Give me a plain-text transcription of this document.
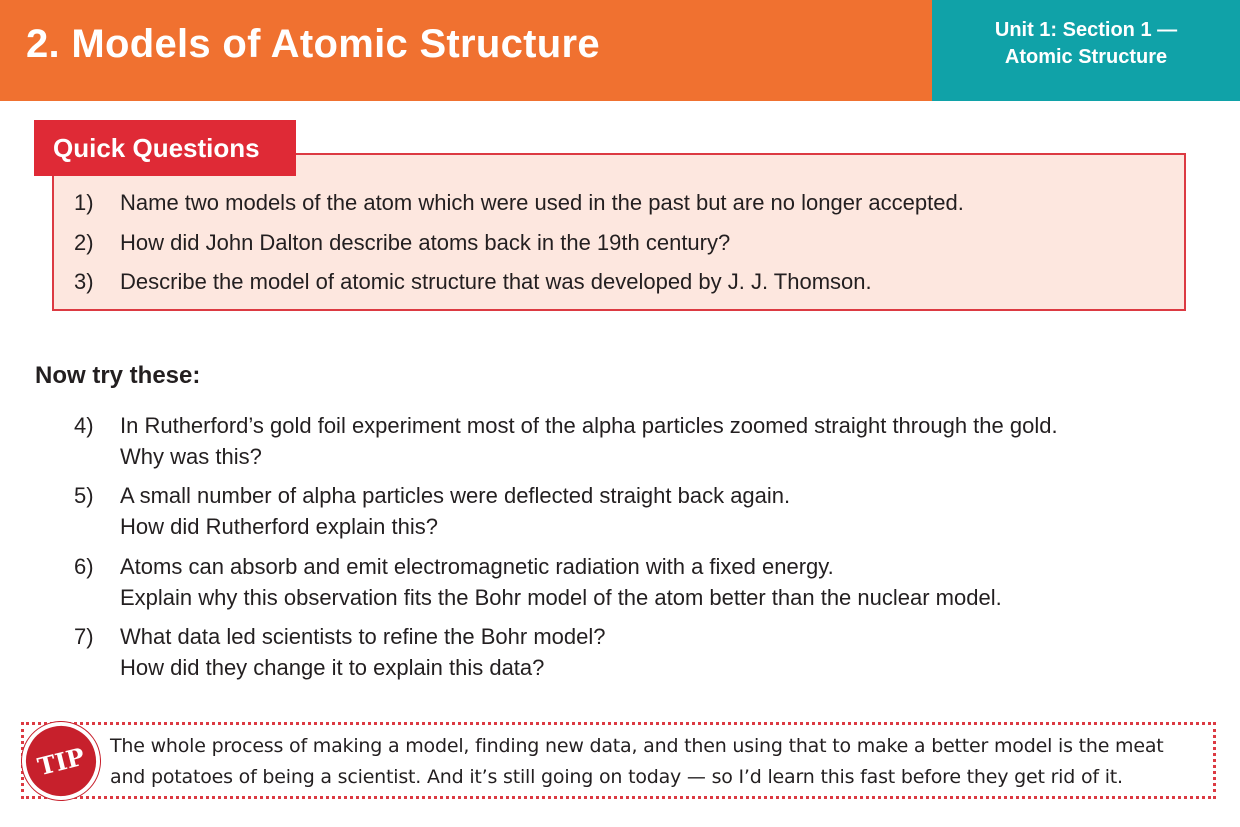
2. Models of Atomic Structure	Unit 1: Section 1 —
Atomic Structure
Quick Questions
1)	Name two models of the atom which were used in the past but are no longer accepted.
2)	How did John Dalton describe atoms back in the 19th century?
3)	Describe the model of atomic structure that was developed by J. J. Thomson.
Now try these:
4)	In Rutherford’s gold foil experiment most of the alpha particles zoomed straight through the gold.
Why was this?
5)	A small number of alpha particles were deflected straight back again.
How did Rutherford explain this?
6)	Atoms can absorb and emit electromagnetic radiation with a fixed energy.
Explain why this observation fits the Bohr model of the atom better than the nuclear model.
7)	What data led scientists to refine the Bohr model?
How did they change it to explain this data?
TIP	The whole process of making a model, finding new data, and then using that to make a better model is the meat
and potatoes of being a scientist. And it’s still going on today — so I’d learn this fast before they get rid of it.
